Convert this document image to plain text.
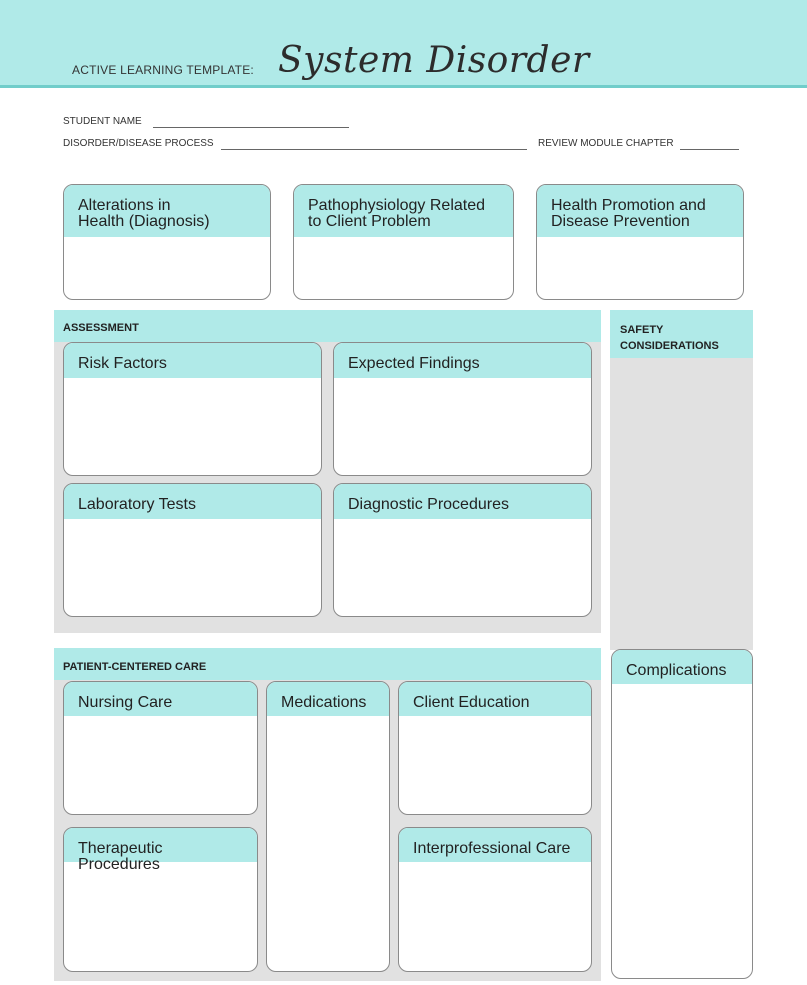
ACTIVE LEARNING TEMPLATE: System Disorder
STUDENT NAME
DISORDER/DISEASE PROCESS	REVIEW MODULE CHAPTER
Alterations in
Health (Diagnosis)
Pathophysiology Related
to Client Problem
Health Promotion and
Disease Prevention
ASSESSMENT
Risk Factors	Expected Findings
Laboratory Tests	Diagnostic Procedures
SAFETY
CONSIDERATIONS
PATIENT-CENTERED CARE
Nursing Care	Medications	Client Education
Therapeutic Procedures
Interprofessional Care
Complications
